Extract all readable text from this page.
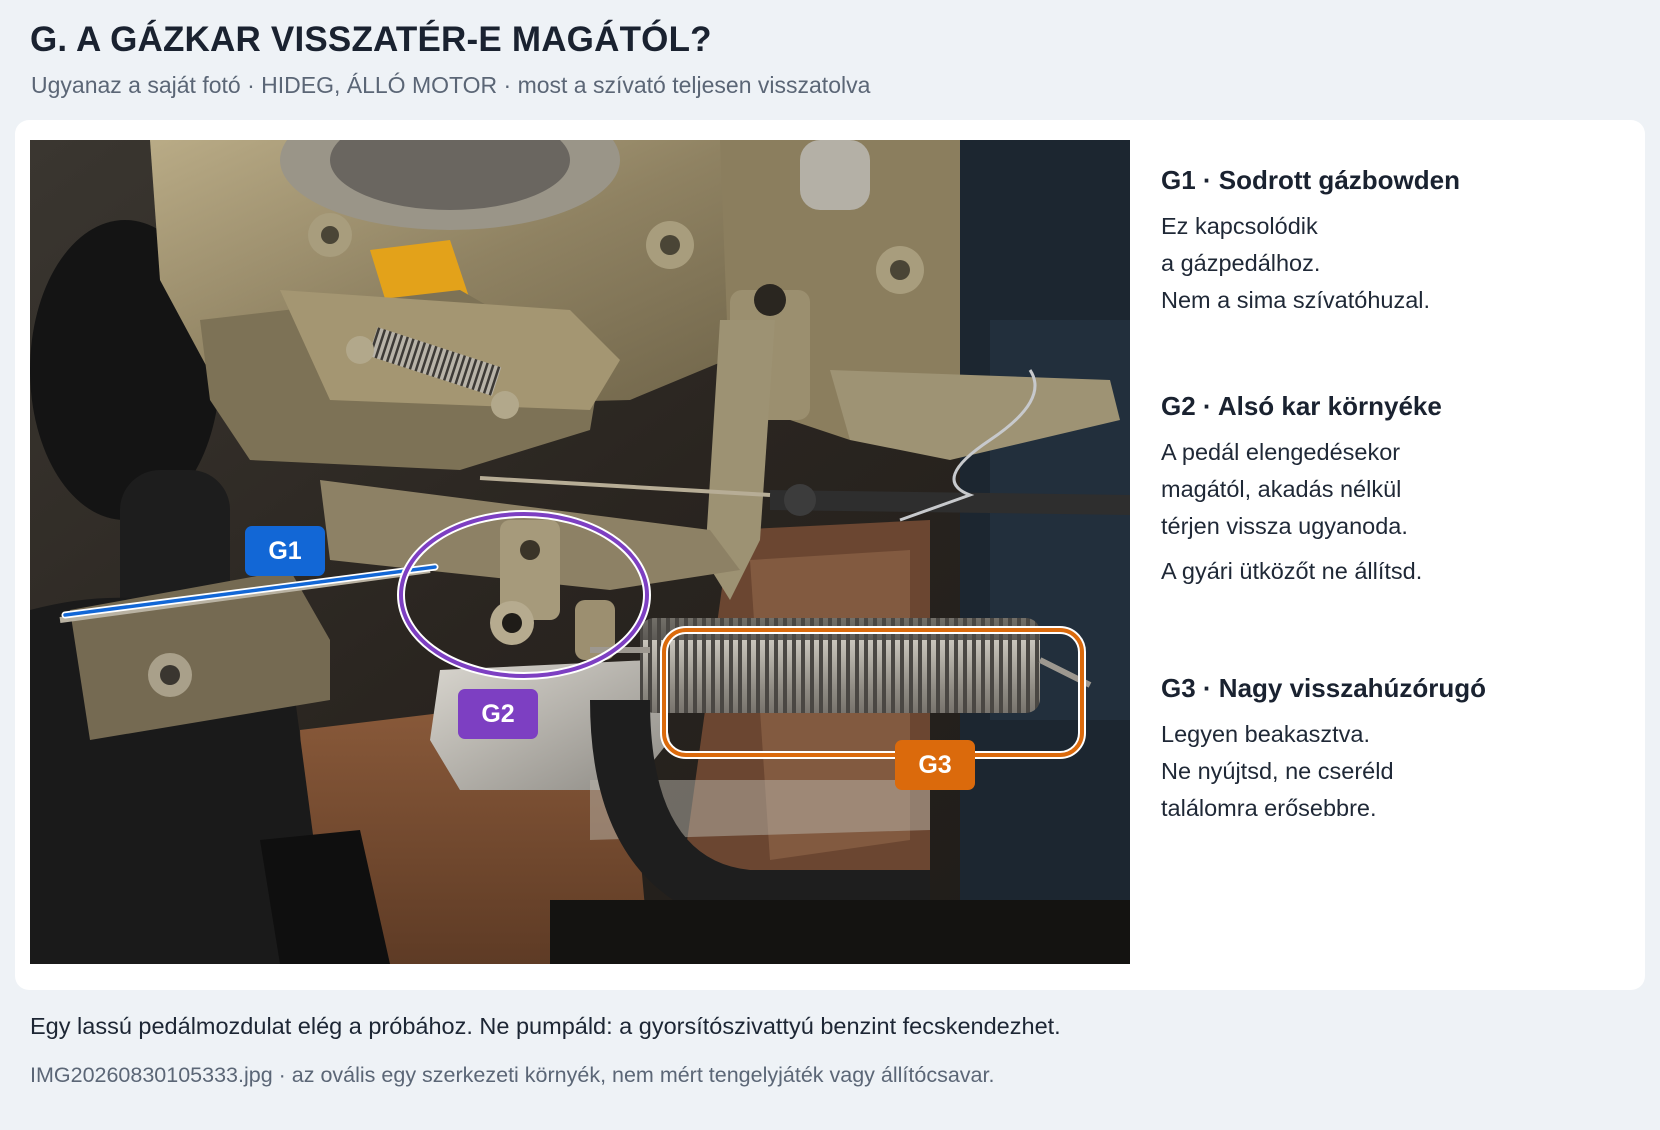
G. A GÁZKAR VISSZATÉR-E MAGÁTÓL?
Ugyanaz a saját fotó · HIDEG, ÁLLÓ MOTOR · most a szívató teljesen visszatolva
G1
G2
G3
G1 · Sodrott gázbowden
Ez kapcsolódik
a gázpedálhoz.
Nem a sima szívatóhuzal.
G2 · Alsó kar környéke
A pedál elengedésekor
magától, akadás nélkül
térjen vissza ugyanoda.
A gyári ütközőt ne állítsd.
G3 · Nagy visszahúzórugó
Legyen beakasztva.
Ne nyújtsd, ne cseréld
találomra erősebbre.
Egy lassú pedálmozdulat elég a próbához. Ne pumpáld: a gyorsítószivattyú benzint fecskendezhet.
IMG20260830105333.jpg · az ovális egy szerkezeti környék, nem mért tengelyjáték vagy állítócsavar.
